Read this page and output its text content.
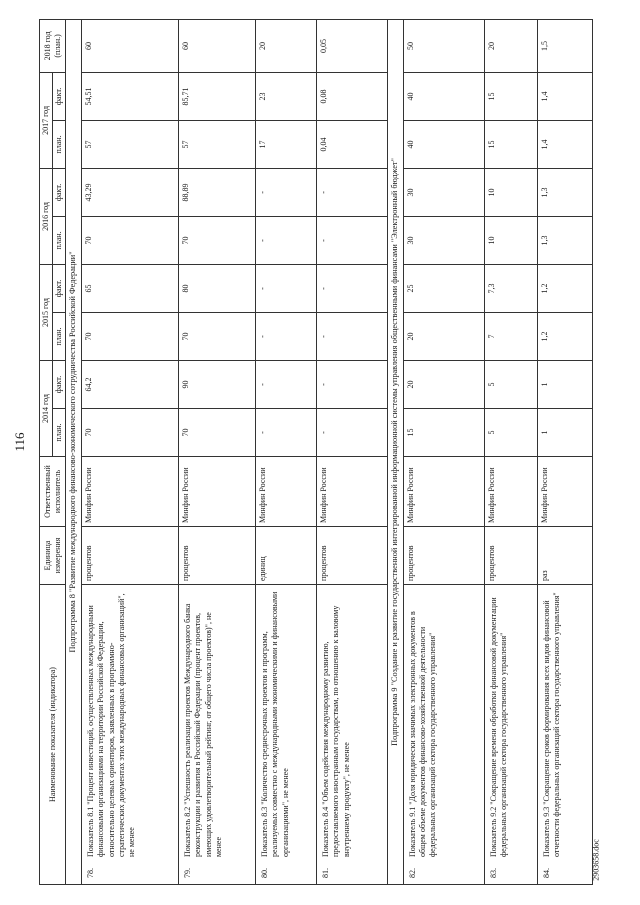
116
Наименование показателя (индикатора)	Единица измерения	Ответственный исполнитель	2014 год		2015 год		2016 год		2017 год		2018 год (план.)
			план.	факт.	план.	факт.	план.	факт.	план.	факт.	
Подпрограмма 8 "Развитие международного финансово-экономического сотрудничества Российской Федерации"											

78.
Показатель 8.1 "Процент инвестиций, осуществленных международными финансовыми организациями на территории Российской Федерации, относительно целевых ориентиров, заявленных в программно-стратегических документах этих международных финансовых организаций", не менее	процентов	Минфин России	70	64,2	70	65	70	43,29	57	54,51	60

79.
Показатель 8.2 "Успешность реализации проектов Международного банка реконструкции и развития в Российской Федерации (процент проектов, имеющих удовлетворительный рейтинг, от общего числа проектов)", не менее	процентов	Минфин России	70	90	70	80	70	88,89	57	85,71	60

80.
Показатель 8.3 "Количество среднесрочных проектов и программ, реализуемых совместно с международными экономическими и финансовыми организациями", не менее	единиц	Минфин России	-	-	-	-	-	-	17	23	20

81.
Показатель 8.4 "Объем содействия международному развитию, предоставляемого иностранным государствам, по отношению к валовому внутреннему продукту", не менее	процентов	Минфин России	-	-	-	-	-	-	0,04	0,08	0,05
Подпрограмма 9 "Создание и развитие государственной интегрированной информационной системы управления общественными финансами "Электронный бюджет"											

82.
Показатель 9.1 "Доля юридически значимых электронных документов в общем объеме документов финансово-хозяйственной деятельности федеральных организаций сектора государственного управления"	процентов	Минфин России	15	20	20	25	30	30	40	40	50

83.
Показатель 9.2 "Сокращение времени обработки финансовой документации федеральных организаций сектора государственного управления"	процентов	Минфин России	5	5	7	7,3	10	10	15	15	20

84.
Показатель 9.3 "Сокращение сроков формирования всех видов финансовой отчетности федеральных организаций сектора государственного управления"	раз	Минфин России	1	1	1,2	1,2	1,3	1,3	1,4	1,4	1,5
2903658.doc
